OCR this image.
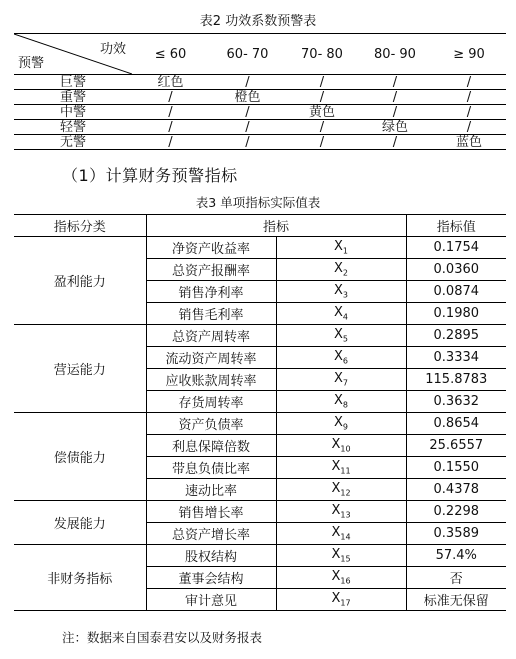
表2 功效系数预警表
功效
预警	≤ 60	60- 70	70- 80	80- 90	≥ 90
巨警	红色	/	/	/	/
重警	/	橙色	/	/	/
中警	/	/	黄色	/	/
轻警	/	/	/	绿色	/
无警	/	/	/	/	蓝色
（1）计算财务预警指标
表3 单项指标实际值表
指标分类	指标		指标值
盈利能力	净资产收益率	$X_1$	0.1754
	总资产报酬率	$X_2$	0.0360
	销售净利率	$X_3$	0.0874
	销售毛利率	$X_4$	0.1980
营运能力	总资产周转率	$X_5$	0.2895
	流动资产周转率	$X_6$	0.3334
	应收账款周转率	$X_7$	115.8783
	存货周转率	$X_8$	0.3632
偿债能力	资产负债率	$X_9$	0.8654
	利息保障倍数	$X_{10}$	25.6557
	带息负债比率	$X_{11}$	0.1550
	速动比率	$X_{12}$	0.4378
发展能力	销售增长率	$X_{13}$	0.2298
	总资产增长率	$X_{14}$	0.3589
非财务指标	股权结构	$X_{15}$	57.4%
	董事会结构	$X_{16}$	否
	审计意见	$X_{17}$	标准无保留
注：数据来自国泰君安以及财务报表
